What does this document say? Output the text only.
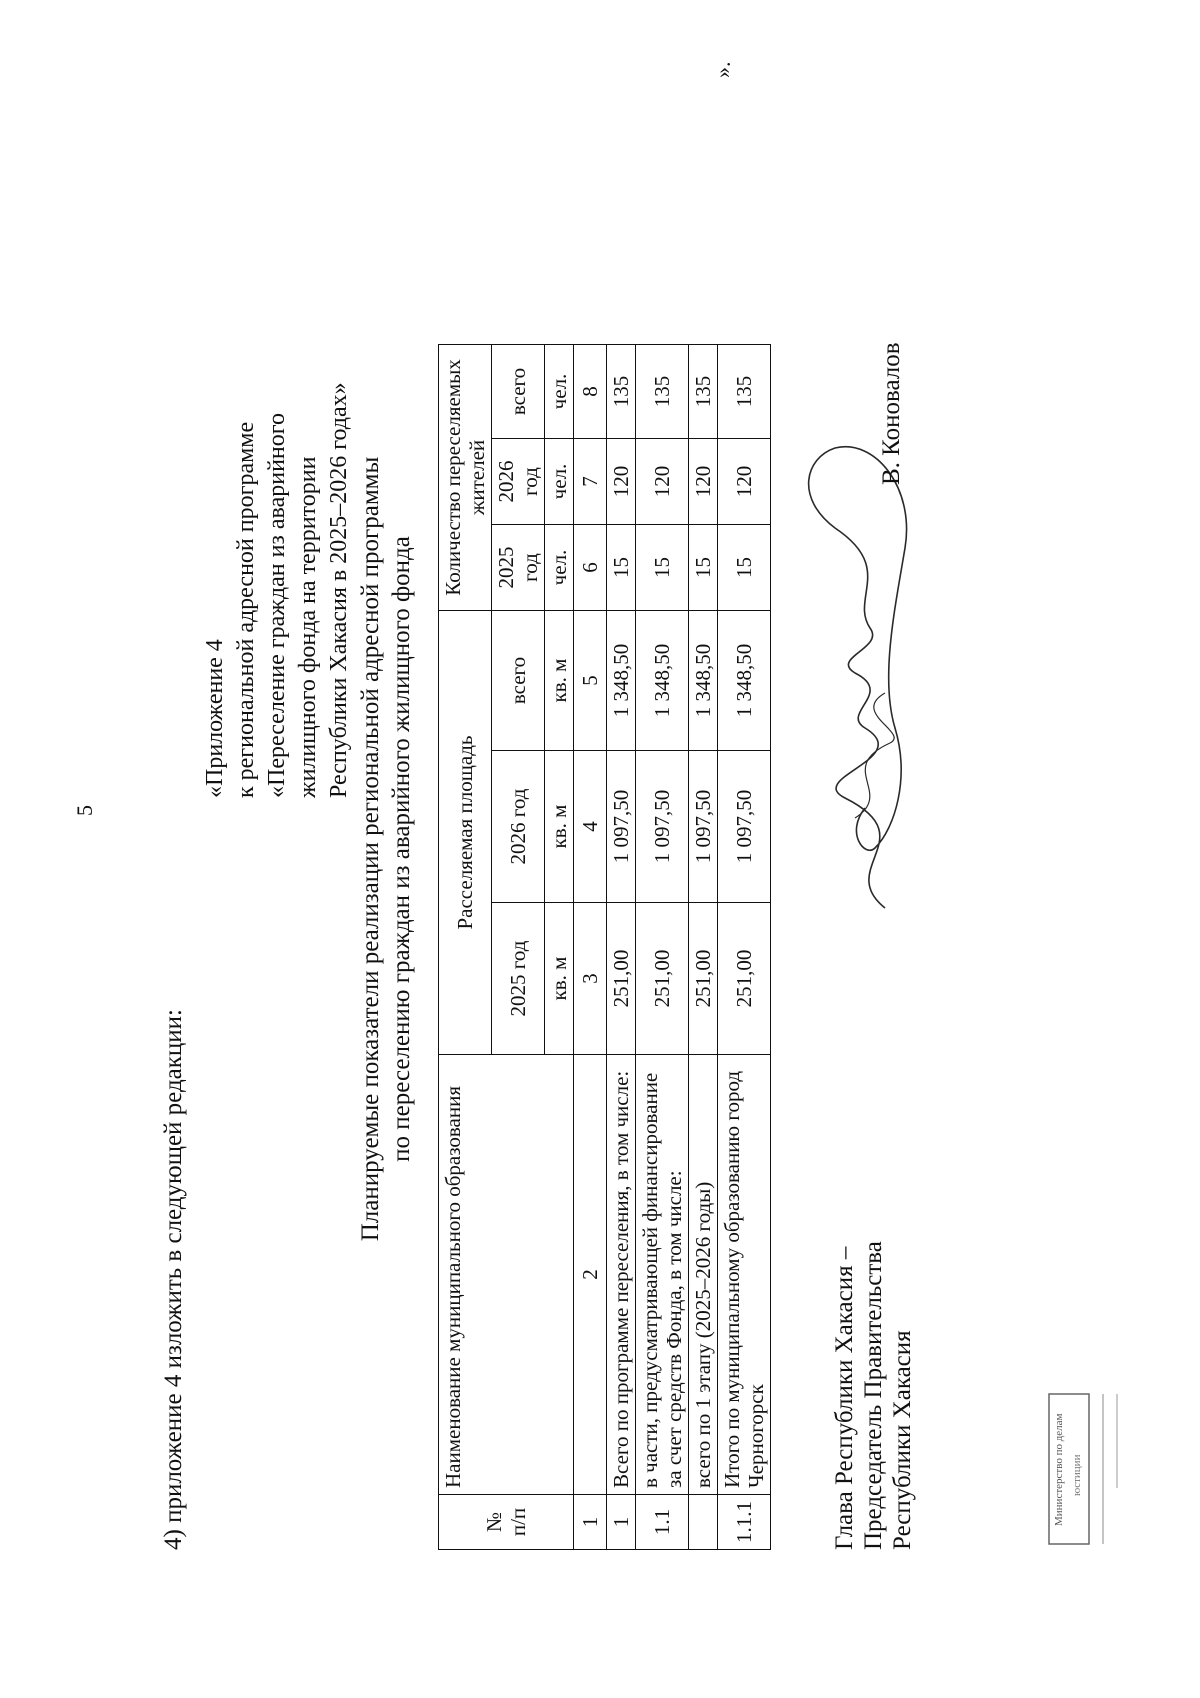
5
4) приложение 4 изложить в следующей редакции:
«Приложение 4 к региональной адресной программе «Переселение граждан из аварийного жилищного фонда на территории Республики Хакасия в 2025–2026 годах» Планируемые показатели реализации региональной адресной программы по переселению граждан из аварийного жилищного фонда
№ п/п	Наименование муниципального образования	Расселяемая площадь			Количество переселяемых жителей		
		2025 год	2026 год	всего	2025 год	2026 год	всего
		кв. м	кв. м	кв. м	чел.	чел.	чел.
1	2	3	4	5	6	7	8
1	Всего по программе переселения, в том числе:	251,00	1 097,50	1 348,50	15	120	135
1.1	в части, предусматривающей финансирование за счет средств Фонда, в том числе:	251,00	1 097,50	1 348,50	15	120	135
	всего по 1 этапу (2025–2026 годы)	251,00	1 097,50	1 348,50	15	120	135
1.1.1	Итого по муниципальному образованию город Черногорск	251,00	1 097,50	1 348,50	15	120	135
».
Глава Республики Хакасия – Председатель Правительства Республики Хакасия
В. Коновалов
Министерство по делам юстиции
